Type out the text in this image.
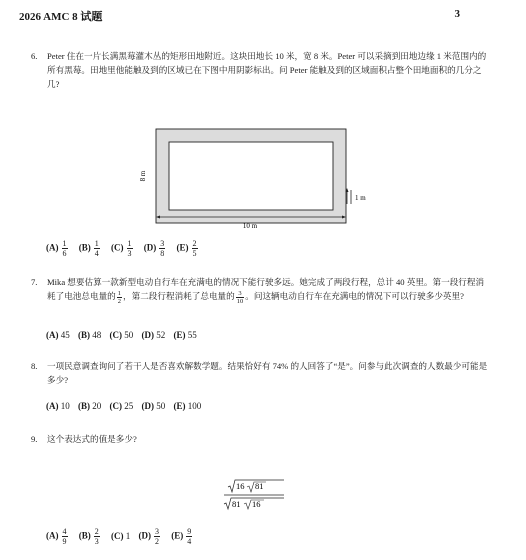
2026 AMC 8 试题	3
6. Peter 住在一片长满黑莓灌木丛的矩形田地附近。这块田地长 10 米，宽 8 米。Peter 可以采摘到田地边缘 1 米范围内的所有黑莓。田地里他能触及到的区域已在下图中用阴影标出。问 Peter 能触及到的区域面积占整个田地面积的几分之几?
8 m
1 m
10 m
$(A) \frac{1}{6} (B) \frac{1}{4} (C) \frac{1}{3} (D) \frac{3}{8} (E) \frac{2}{5}$
7. Mika 想要估算一款新型电动自行车在充满电的情况下能行驶多远。她完成了两段行程，总计 40 英里。第一段行程消耗了电池总电量的 $\frac{1}{2}$ ，第二段行程消耗了总电量的 $\frac{3}{10}$ 。问这辆电动自行车在充满电的情况下可以行驶多少英里?
(A) 45 (B) 48 (C) 50 (D) 52 (E) 55
8. 一项民意调查询问了若干人是否喜欢解数学题。结果恰好有 74% 的人回答了“是”。问参与此次调查的人数最少可能是多少?
(A) 10 (B) 20 (C) 25 (D) 50 (E) 100
9. 这个表达式的值是多少?
16 81
81 16
$(A) \frac{4}{9} (B) \frac{2}{3} (C)$ 1 $(D) \frac{3}{2} (E) \frac{9}{4}$
